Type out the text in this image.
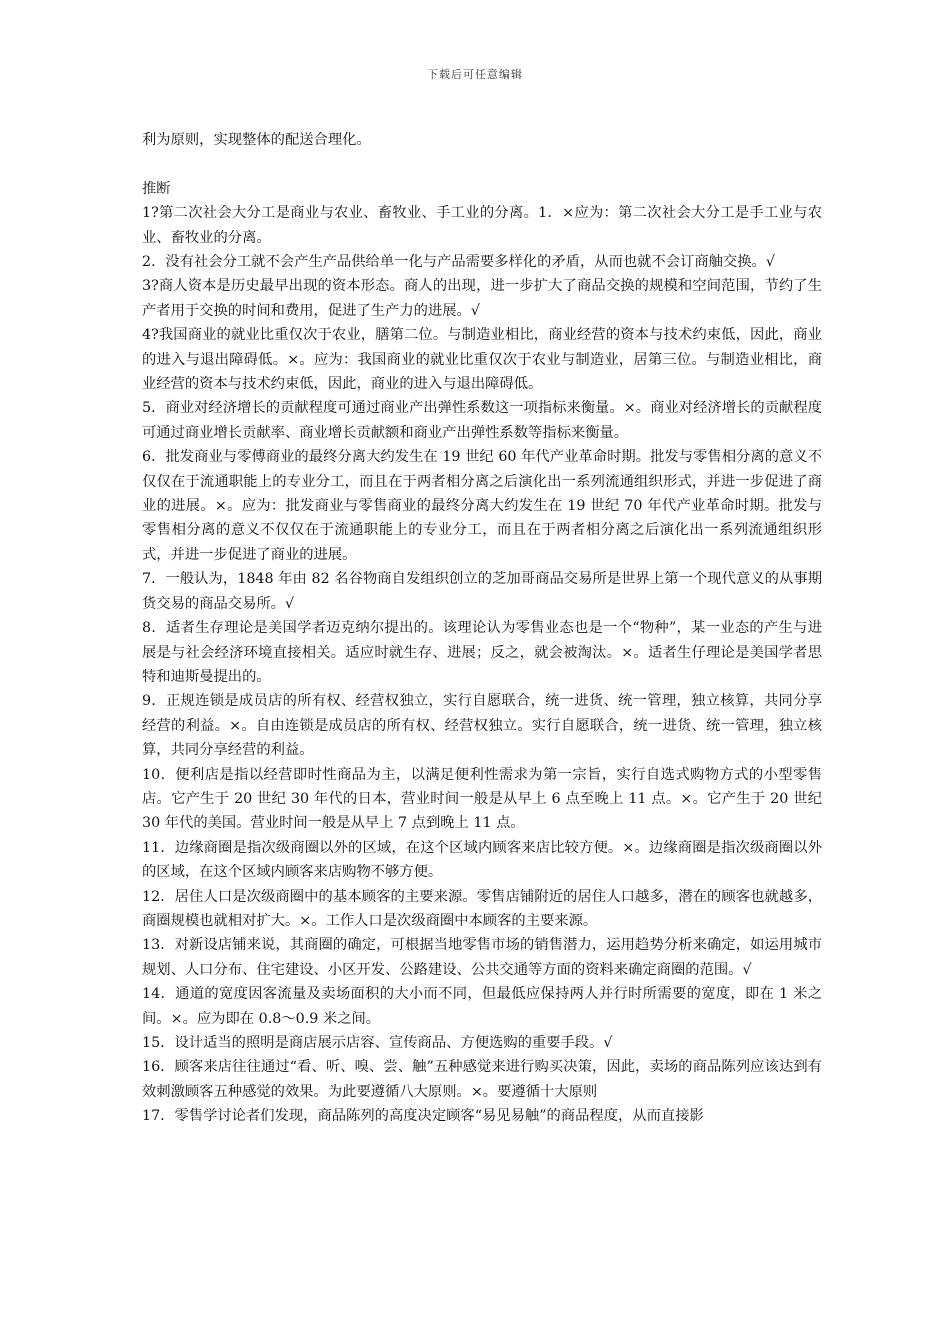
下载后可任意编辑

利为原则，实现整体的配送合理化。

推断

1?第二次社会大分工是商业与农业、畜牧业、手工业的分离。1．×应为：第二次社会大分工是手工业与农业、畜牧业的分离。

2．没有社会分工就不会产生产品供给单一化与产品需要多样化的矛盾，从而也就不会订商舳交换。√

3?商人资本是历史最早出现的资本形态。商人的出现，进一步扩大了商品交换的规模和空间范围，节约了生产者用于交换的时间和费用，促进了生产力的进展。√

4?我国商业的就业比重仅次于农业，膳第二位。与制造业相比，商业经营的资本与技术约束低，因此，商业的进入与退出障碍低。×。应为：我国商业的就业比重仅次于农业与制造业，居第三位。与制造业相比，商业经营的资本与技术约束低，因此，商业的进入与退出障碍低。

5．商业对经济增长的贡献程度可通过商业产出弹性系数这一项指标来衡量。×。商业对经济增长的贡献程度可通过商业增长贡献率、商业增长贡献额和商业产出弹性系数等指标来衡量。

6．批发商业与零傅商业的最终分离大约发生在 19 世纪 60 年代产业革命时期。批发与零售相分离的意义不仅仅在于流通职能上的专业分工，而且在于两者相分离之后演化出一系列流通组织形式，并进一步促进了商业的进展。×。应为：批发商业与零售商业的最终分离大约发生在 19 世纪 70 年代产业革命时期。批发与零售相分离的意义不仅仅在于流通职能上的专业分工，而且在于两者相分离之后演化出一系列流通组织形式，并进一步促进了商业的进展。

7．一般认为，1848 年由 82 名谷物商自发组织创立的芝加哥商品交易所是世界上第一个现代意义的从事期货交易的商品交易所。√

8．适者生存理论是美国学者迈克纳尔提出的。该理论认为零售业态也是一个“物种”，某一业态的产生与进展是与社会经济环境直接相关。适应时就生存、进展；反之，就会被淘汰。×。适者生仔理论是美国学者思特和迪斯曼提出的。

9．正规连锁是成员店的所有权、经营权独立，实行自愿联合，统一进货、统一管理，独立核算，共同分享经营的利益。×。自由连锁是成员店的所有权、经营权独立。实行自愿联合，统一进货、统一管理，独立核算，共同分享经营的利益。

10．便利店是指以经营即时性商品为主，以满足便利性需求为第一宗旨，实行自选式购物方式的小型零售店。它产生于 20 世纪 30 年代的日本，营业时间一般是从早上 6 点至晚上 11 点。×。它产生于 20 世纪 30 年代的美国。营业时间一般是从早上 7 点到晚上 11 点。

11．边缘商圈是指次级商圈以外的区域，在这个区域内顾客来店比较方便。×。边缘商圈是指次级商圈以外的区域，在这个区域内顾客来店购物不够方便。

12．居住人口是次级商圈中的基本顾客的主要来源。零售店铺附近的居住人口越多，潜在的顾客也就越多，商圈规模也就相对扩大。×。工作人口是次级商圈中本顾客的主要来源。

13．对新设店铺来说，其商圈的确定，可根据当地零售市场的销售潜力，运用趋势分析来确定，如运用城市规划、人口分布、住宅建设、小区开发、公路建设、公共交通等方面的资料来确定商圈的范围。√

14．通道的宽度因客流量及卖场面积的大小而不同，但最低应保持两人并行时所需要的宽度，即在 1 米之间。×。应为即在 0.8～0.9 米之间。

15．设计适当的照明是商店展示店容、宣传商品、方便选购的重要手段。√

16．顾客来店往往通过“看、听、嗅、尝、触”五种感觉来进行购买决策，因此，卖场的商品陈列应该达到有效刺激顾客五种感觉的效果。为此要遵循八大原则。×。要遵循十大原则

17．零售学讨论者们发现，商品陈列的高度决定顾客“易见易触”的商品程度，从而直接影
